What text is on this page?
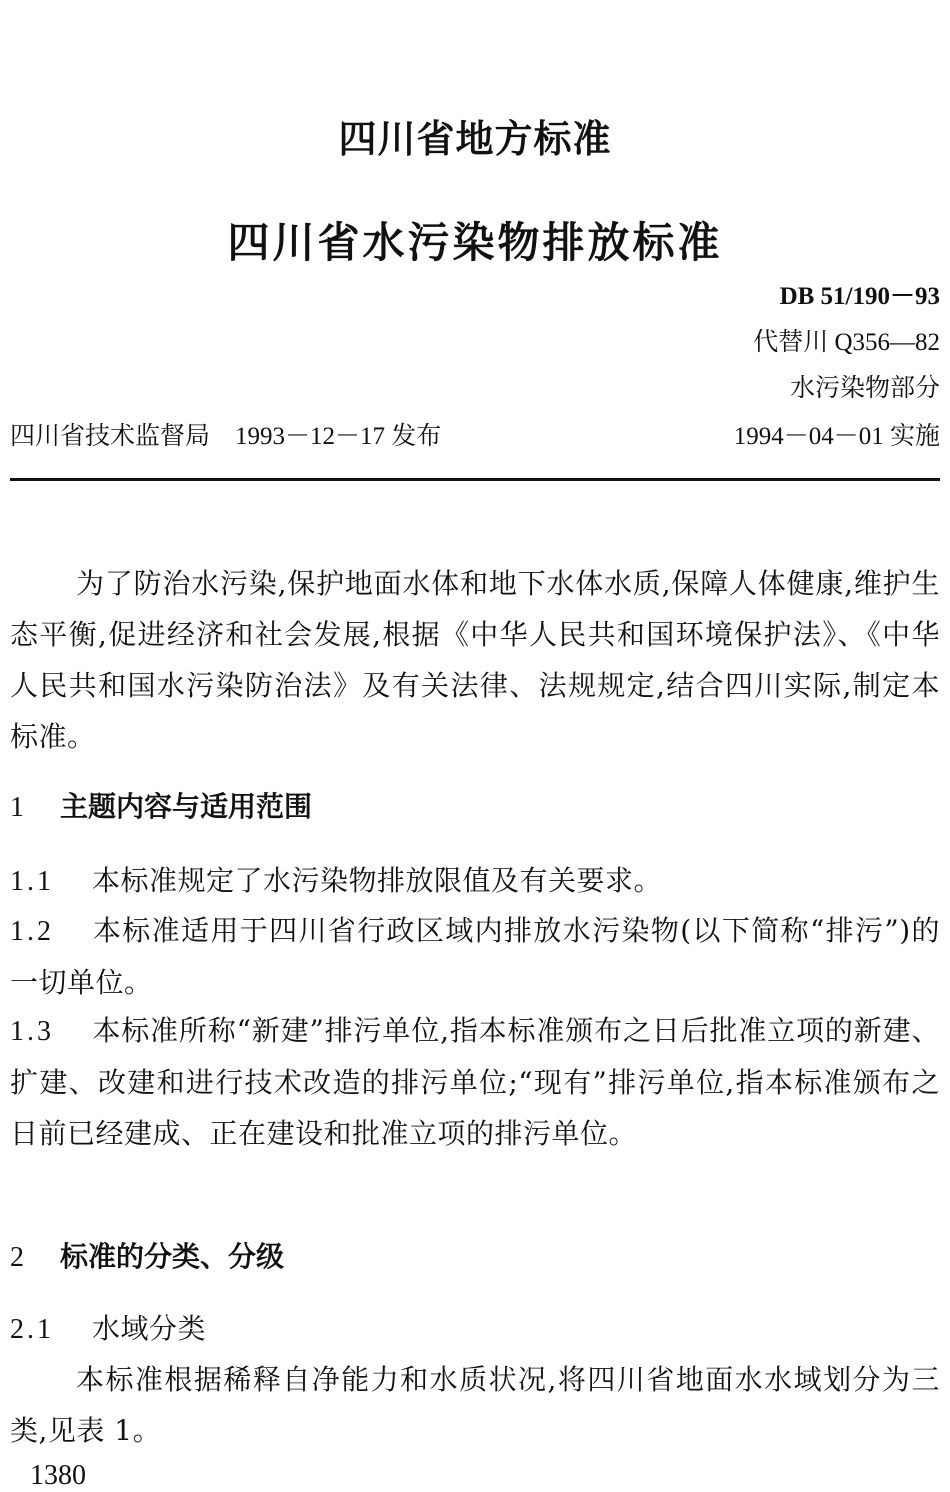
四川省地方标准
四川省水污染物排放标准
DB 51/190－93
代替川 Q356—82
水污染物部分
1994－04－01 实施
四川省技术监督局　1993－12－17 发布
为了防治水污染,保护地面水体和地下水体水质,保障人体健康,维护生态平衡,促进经济和社会发展,根据《中华人民共和国环境保护法》、《中华人民共和国水污染防治法》及有关法律、法规规定,结合四川实际,制定本标准。
1 主题内容与适用范围
1.1 本标准规定了水污染物排放限值及有关要求。
1.2 本标准适用于四川省行政区域内排放水污染物(以下简称“排污”)的一切单位。
1.3 本标准所称“新建”排污单位,指本标准颁布之日后批准立项的新建、扩建、改建和进行技术改造的排污单位;“现有”排污单位,指本标准颁布之日前已经建成、正在建设和批准立项的排污单位。
2 标准的分类、分级
2.1 水域分类
本标准根据稀释自净能力和水质状况,将四川省地面水水域划分为三类,见表 1。
1380
